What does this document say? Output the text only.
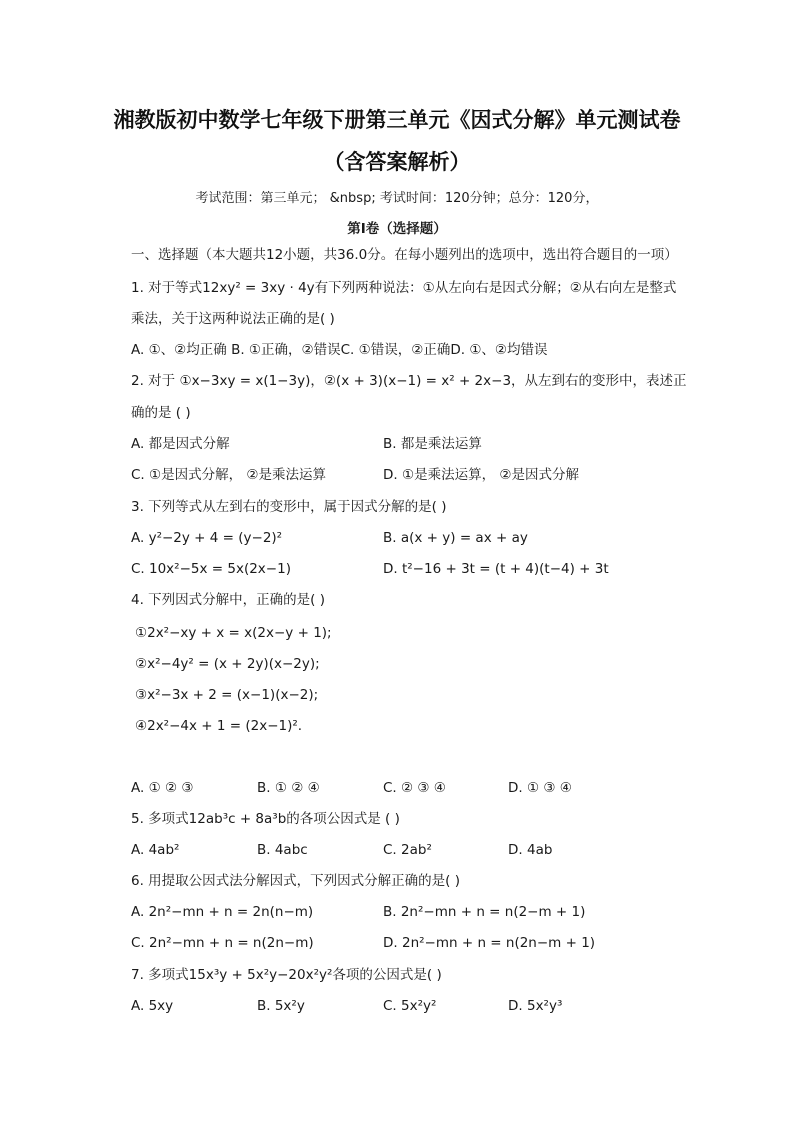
湘教版初中数学七年级下册第三单元《因式分解》单元测试卷
（含答案解析）
考试范围：第三单元； &nbsp; 考试时间：120分钟；总分：120分，
第Ⅰ卷（选择题）
一、选择题（本大题共12小题，共36.0分。在每小题列出的选项中，选出符合题目的一项）
1. 对于等式12xy² = 3xy · 4y有下列两种说法：①从左向右是因式分解；②从右向左是整式
乘法，关于这两种说法正确的是( )
A. ①、②均正确 B. ①正确，②错误C. ①错误，②正确D. ①、②均错误
2. 对于 ①x−3xy = x(1−3y)，②(x + 3)(x−1) = x² + 2x−3，从左到右的变形中，表述正
确的是 ( )
A. 都是因式分解	B. 都是乘法运算
C. ①是因式分解， ②是乘法运算	D. ①是乘法运算， ②是因式分解
3. 下列等式从左到右的变形中，属于因式分解的是( )
A. y²−2y + 4 = (y−2)²	B. a(x + y) = ax + ay
C. 10x²−5x = 5x(2x−1)	D. t²−16 + 3t = (t + 4)(t−4) + 3t
4. 下列因式分解中，正确的是( )
①2x²−xy + x = x(2x−y + 1);
②x²−4y² = (x + 2y)(x−2y);
③x²−3x + 2 = (x−1)(x−2);
④2x²−4x + 1 = (2x−1)².
A. ① ② ③	B. ① ② ④	C. ② ③ ④	D. ① ③ ④
5. 多项式12ab³c + 8a³b的各项公因式是 ( )
A. 4ab²	B. 4abc	C. 2ab²	D. 4ab
6. 用提取公因式法分解因式，下列因式分解正确的是( )
A. 2n²−mn + n = 2n(n−m)	B. 2n²−mn + n = n(2−m + 1)
C. 2n²−mn + n = n(2n−m)	D. 2n²−mn + n = n(2n−m + 1)
7. 多项式15x³y + 5x²y−20x²y²各项的公因式是( )
A. 5xy	B. 5x²y	C. 5x²y²	D. 5x²y³
